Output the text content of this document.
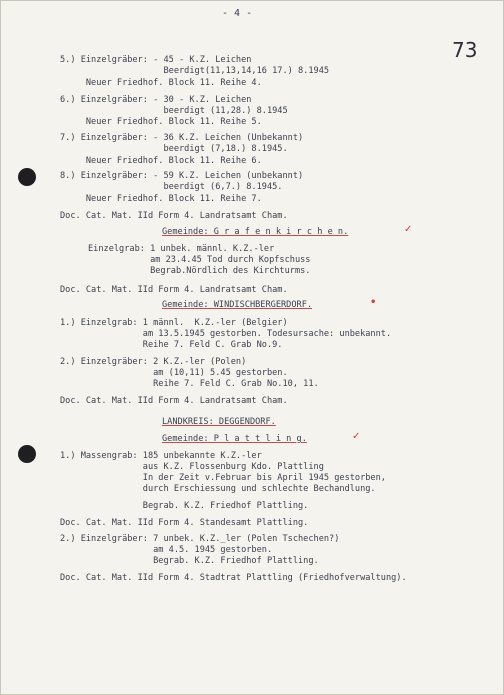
- 4 -
73
5.) Einzelgräber: - 45 - K.Z. Leichen
Beerdigt(11,13,14,16 17.) 8.1945
Neuer Friedhof. Block 11. Reihe 4.
6.) Einzelgräber: - 30 - K.Z. Leichen
beerdigt (11,28.) 8.1945
Neuer Friedhof. Block 11. Reihe 5.
7.) Einzelgräber: - 36 K.Z. Leichen (Unbekannt)
beerdigt (7,18.) 8.1945.
Neuer Friedhof. Block 11. Reihe 6.
8.) Einzelgräber: - 59 K.Z. Leichen (unbekannt)
beerdigt (6,7.) 8.1945.
Neuer Friedhof. Block 11. Reihe 7.
Doc. Cat. Mat. IId Form 4. Landratsamt Cham.
Gemeinde: G r a f e n k i r c h e n.	✓
Einzelgrab: 1 unbek. männl. K.Z.-ler
am 23.4.45 Tod durch Kopfschuss
Begrab.Nördlich des Kirchturms.
Doc. Cat. Mat. IId Form 4. Landratsamt Cham.
Gemeinde: WINDISCHBERGERDORF.	•
1.) Einzelgrab: 1 männl.  K.Z.-ler (Belgier)
am 13.5.1945 gestorben. Todesursache: unbekannt.
Reihe 7. Feld C. Grab No.9.
2.) Einzelgräber: 2 K.Z.-ler (Polen)
am (10,11) 5.45 gestorben.
Reihe 7. Feld C. Grab No.10, 11.
Doc. Cat. Mat. IId Form 4. Landratsamt Cham.
LANDKREIS: DEGGENDORF.
Gemeinde: P l a t t l i n g.	✓
1.) Massengrab: 185 unbekannte K.Z.-ler
aus K.Z. Flossenburg Kdo. Plattling
In der Zeit v.Februar bis April 1945 gestorben,
durch Erschiessung und schlechte Bechandlung.
Begrab. K.Z. Friedhof Plattling.
Doc. Cat. Mat. IId Form 4. Standesamt Plattling.
2.) Einzelgräber: 7 unbek. K.Z._ler (Polen Tschechen?)
am 4.5. 1945 gestorben.
Begrab. K.Z. Friedhof Plattling.
Doc. Cat. Mat. IId Form 4. Stadtrat Plattling (Friedhofverwaltung).
